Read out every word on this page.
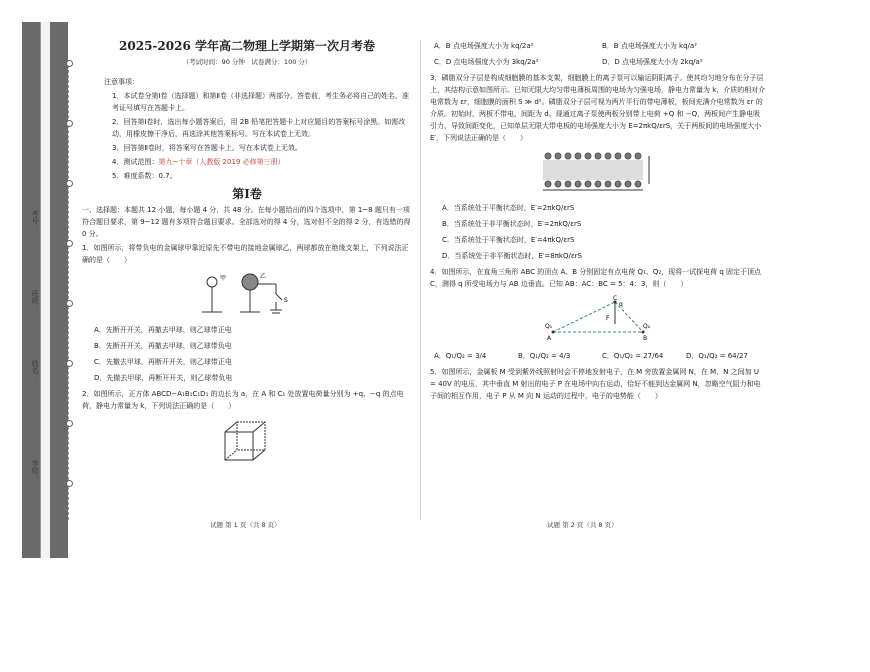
学校：
姓名：
班级：
考号：
2025-2026 学年高二物理上学期第一次月考卷
（考试时间：90 分钟　试卷满分：100 分）
注意事项：
1．本试卷分第Ⅰ卷（选择题）和第Ⅱ卷（非选择题）两部分。答卷前，考生务必将自己的姓名、准考证号填写在答题卡上。
2．回答第Ⅰ卷时，选出每小题答案后，用 2B 铅笔把答题卡上对应题目的答案标号涂黑。如需改动，用橡皮擦干净后，再选涂其他答案标号。写在本试卷上无效。
3．回答第Ⅱ卷时，将答案写在答题卡上。写在本试卷上无效。
4．测试范围：第九~十章（人教版 2019 必修第三册）
5．难度系数：0.7。
第Ⅰ卷
一、选择题：本题共 12 小题，每小题 4 分，共 48 分。在每小题给出的四个选项中，第 1~8 题只有一项符合题目要求，第 9~12 题有多项符合题目要求。全部选对的得 4 分，选对但不全的得 2 分，有选错的得 0 分。
1．如图所示，将带负电的金属球甲靠近原先不带电的接地金属球乙，两球都放在绝缘支架上，下列说法正确的是（　　）
甲	乙
S
A．先断开开关，再撤去甲球，则乙球带正电
B．先断开开关，再撤去甲球，则乙球带负电
C．先撤去甲球，再断开开关，则乙球带正电
D．先撤去甲球，再断开开关，则乙球带负电
2．如图所示，正方体 ABCD−A₁B₁C₁D₁ 的边长为 a，在 A 和 C₁ 处放置电荷量分别为 +q、−q 的点电荷，静电力常量为 k，下列说法正确的是（　　）
A．B 点电场强度大小为 kq/2a²	B．B 点电场强度大小为 kq/a²
C．D 点电场强度大小为 3kq/2a²	D．D 点电场强度大小为 2kq/a²
3．磷脂双分子层是构成细胞膜的基本支架，细胞膜上的离子泵可以输运阴阳离子。使其均匀地分布在分子层上，其结构示意如图所示。已知无限大均匀带电薄板周围的电场为匀强电场，静电力常量为 k，介质的相对介电常数为 εr，细胞膜的面积 S ≫ d²。磷脂双分子层可视为两片平行的带电薄板，板间充满介电常数为 εr 的介质。初始时，两板不带电，间距为 d。现通过离子泵使两板分别带上电荷 +Q 和 −Q，两板间产生静电吸引力，导致间距变化，已知单层无限大带电板的电场强度大小为 E=2πkQ/εrS，关于两板间的电场强度大小 E′，下列说法正确的是（　　）
A．当系统处于平衡状态时，E′=2πkQ/εrS
B．当系统处于非平衡状态时，E′=2πkQ/εrS
C．当系统处于平衡状态时，E′=4πkQ/εrS
D．当系统处于非平衡状态时，E′=8πkQ/εrS
4．如图所示，在直角三角形 ABC 的顶点 A、B 分别固定有点电荷 Q₁、Q₂，现将一试探电荷 q 固定于顶点 C，测得 q 所受电场力与 AB 边垂直。已知 AB：AC：BC = 5：4：3，则（　　）
C
q
F
Q₁	Q₂
A	B
A．Q₁/Q₂ = 3/4	B．Q₁/Q₂ = 4/3	C．Q₁/Q₂ = 27/64	D．Q₁/Q₂ = 64/27
5．如图所示，金属板 M 受到紫外线照射时会不停地发射电子，在 M 旁放置金属网 N，在 M、N 之间加 U = 40V 的电压，其中垂直 M 射出的电子 P 在电场中向右运动，恰好不能到达金属网 N，忽略空气阻力和电子间的相互作用，电子 P 从 M 向 N 运动的过程中，电子的电势能（　　）
试题 第 1 页（共 8 页）	试题 第 2 页（共 8 页）
